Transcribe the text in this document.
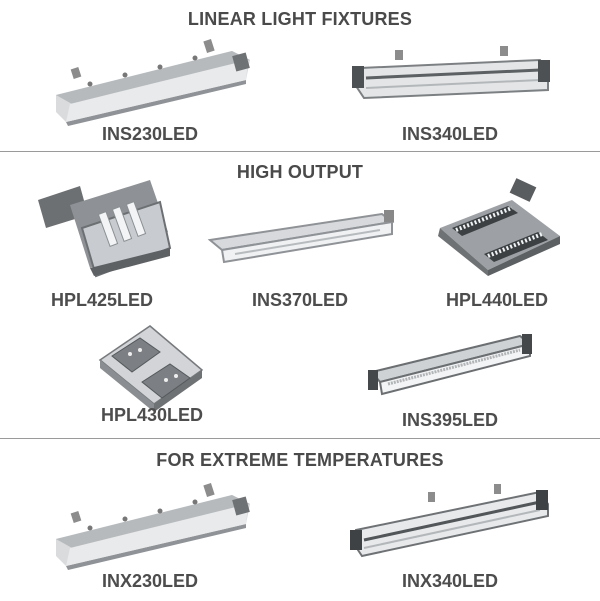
LINEAR LIGHT FIXTURES
INS230LED	INS340LED
HIGH OUTPUT
HPL425LED	INS370LED	HPL440LED
HPL430LED	INS395LED
FOR EXTREME TEMPERATURES
INX230LED	INX340LED
